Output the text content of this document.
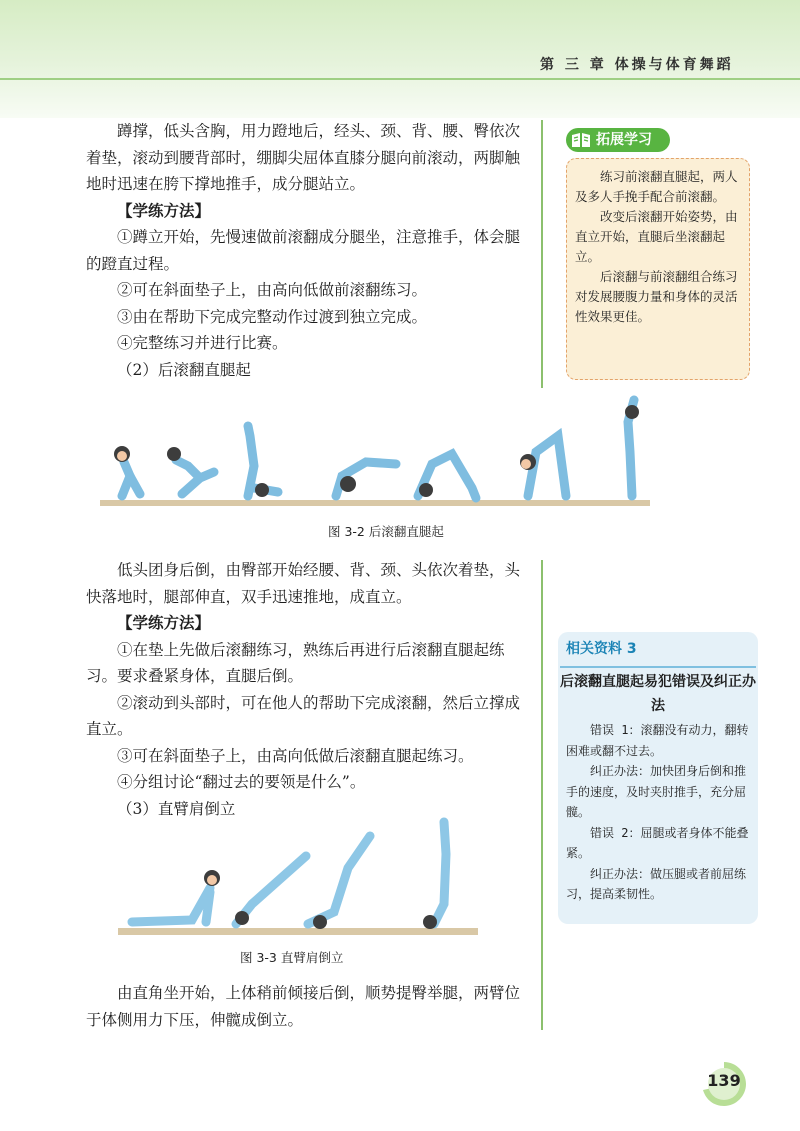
第 三 章 体操与体育舞蹈

蹲撑，低头含胸，用力蹬地后，经头、颈、背、腰、臀依次着垫，滚动到腰背部时，绷脚尖屈体直膝分腿向前滚动，两脚触地时迅速在胯下撑地推手，成分腿站立。

【学练方法】

①蹲立开始，先慢速做前滚翻成分腿坐，注意推手，体会腿的蹬直过程。

②可在斜面垫子上，由高向低做前滚翻练习。

③由在帮助下完成完整动作过渡到独立完成。

④完整练习并进行比赛。

（2）后滚翻直腿起

图 3-2 后滚翻直腿起

低头团身后倒，由臀部开始经腰、背、颈、头依次着垫，头快落地时，腿部伸直，双手迅速推地，成直立。

【学练方法】

①在垫上先做后滚翻练习，熟练后再进行后滚翻直腿起练习。要求叠紧身体，直腿后倒。

②滚动到头部时，可在他人的帮助下完成滚翻，然后立撑成直立。

③可在斜面垫子上，由高向低做后滚翻直腿起练习。

④分组讨论“翻过去的要领是什么”。

（3）直臂肩倒立

图 3-3 直臂肩倒立

由直角坐开始，上体稍前倾接后倒，顺势提臀举腿，两臂位于体侧用力下压，伸髋成倒立。

拓展学习

练习前滚翻直腿起，两人及多人手挽手配合前滚翻。

改变后滚翻开始姿势，由直立开始，直腿后坐滚翻起立。

后滚翻与前滚翻组合练习对发展腰腹力量和身体的灵活性效果更佳。

相关资料 3
后滚翻直腿起易犯错误及纠正办法

错误 1：滚翻没有动力，翻转困难或翻不过去。

纠正办法：加快团身后倒和推手的速度，及时夹肘推手，充分屈髋。

错误 2：屈腿或者身体不能叠紧。

纠正办法：做压腿或者前屈练习，提高柔韧性。

139
